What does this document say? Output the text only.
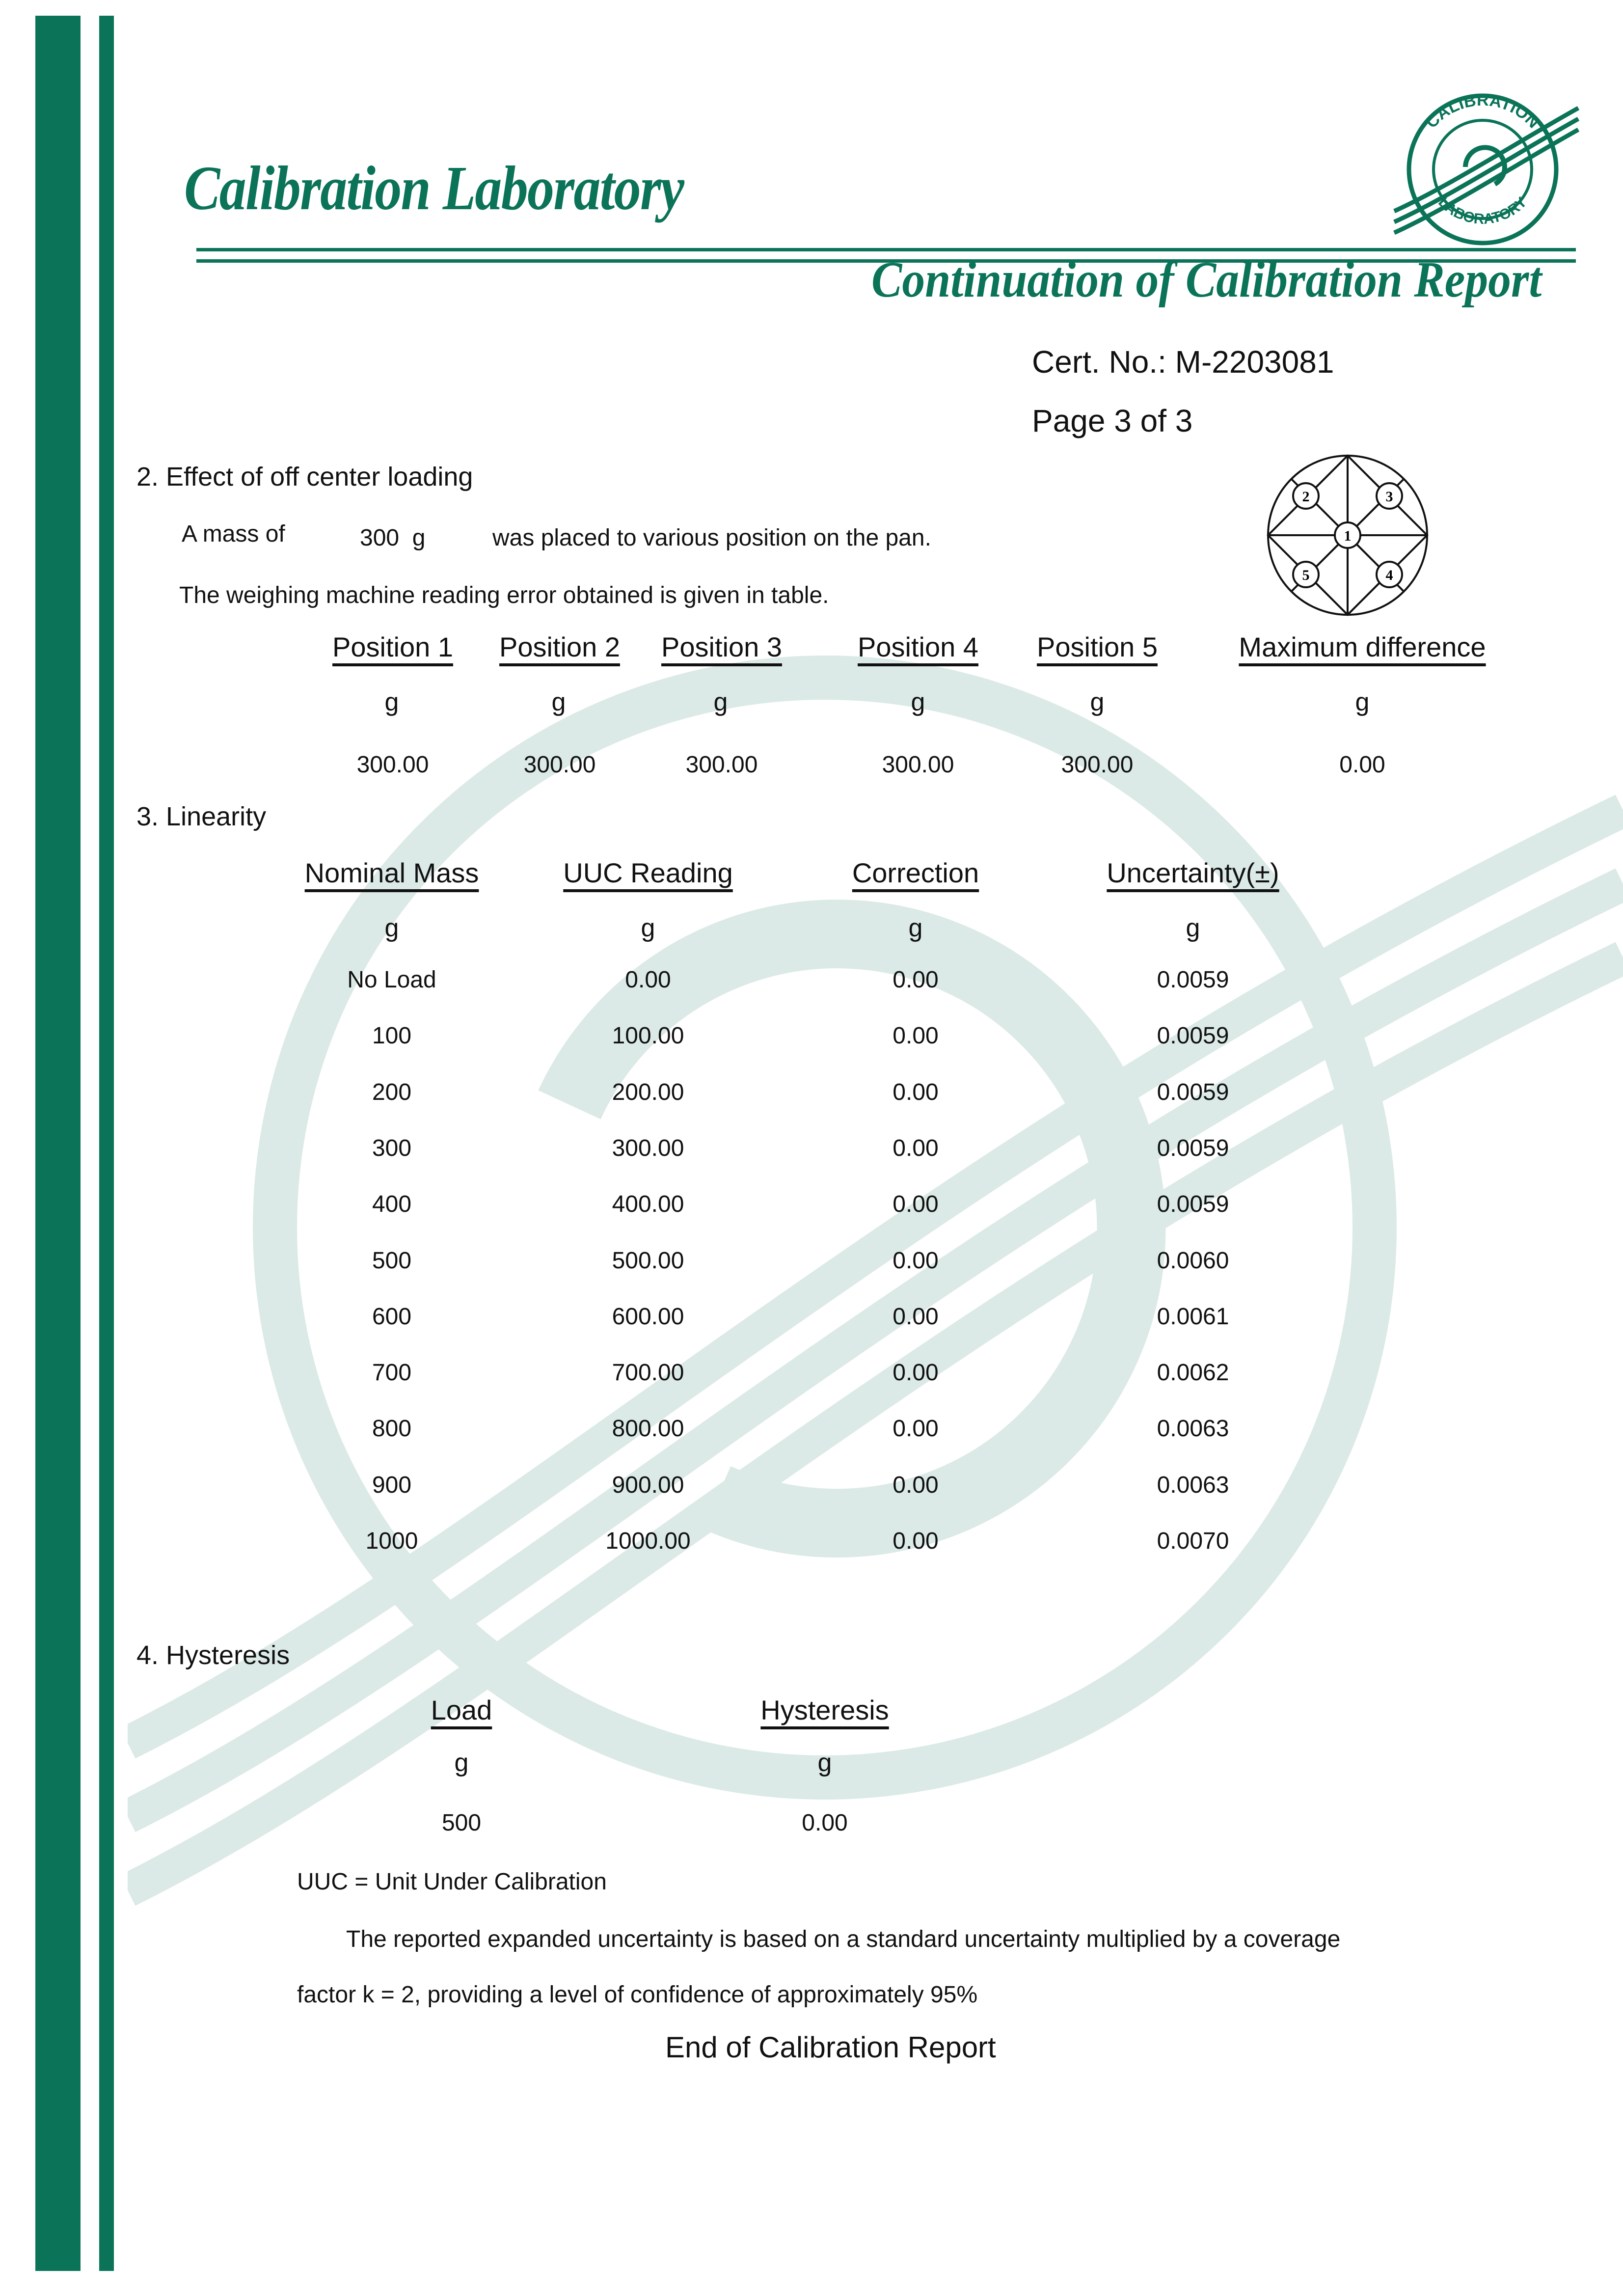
Calibration Laboratory
Continuation of Calibration Report
CALIBRATION
LABORATORY
Cert. No.: M-2203081
Page 3 of 3
2. Effect of off center loading
A mass of	300  g	was placed to various position on the pan.
The weighing machine reading error obtained is given in table.
1
2	3
4
5
Position 1 Position 2 Position 3	Position 4 Position 5	Maximum difference
g	g	g	g	g	g
300.00	300.00	300.00	300.00	300.00	0.00
3. Linearity
Nominal Mass	UUC Reading	Correction	Uncertainty(±)
g	g	g	g
No Load	0.00	0.00	0.0059
100	100.00	0.00	0.0059
200	200.00	0.00	0.0059
300	300.00	0.00	0.0059
400	400.00	0.00	0.0059
500	500.00	0.00	0.0060
600	600.00	0.00	0.0061
700	700.00	0.00	0.0062
800	800.00	0.00	0.0063
900	900.00	0.00	0.0063
1000	1000.00	0.00	0.0070
4. Hysteresis
Load	Hysteresis
g	g
500	0.00
UUC = Unit Under Calibration
The reported expanded uncertainty is based on a standard uncertainty multiplied by a coverage
factor k = 2, providing a level of confidence of approximately 95%
End of Calibration Report
